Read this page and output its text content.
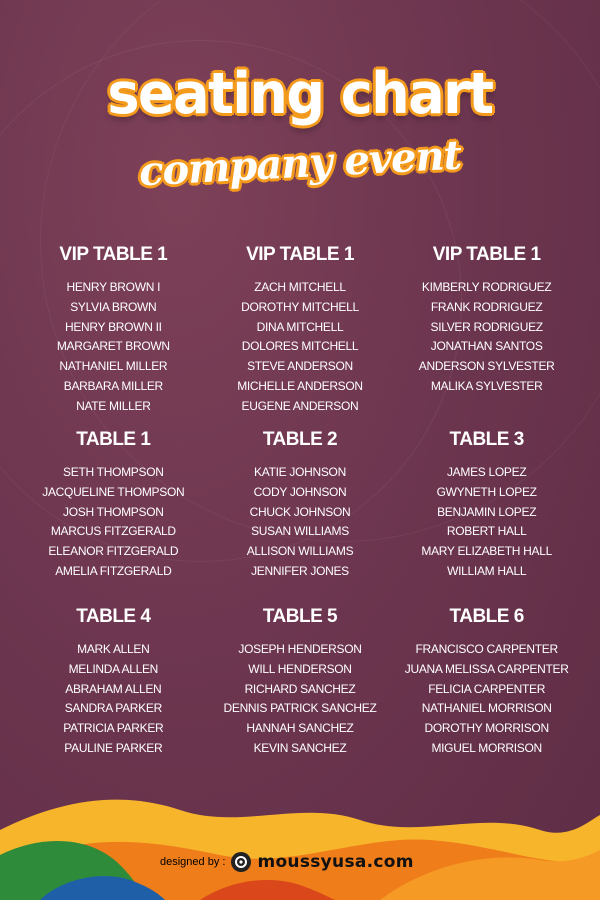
seating chart
company event
VIP TABLE 1
HENRY BROWN I
SYLVIA BROWN
HENRY BROWN II
MARGARET BROWN
NATHANIEL MILLER
BARBARA MILLER
NATE MILLER
VIP TABLE 1
ZACH MITCHELL
DOROTHY MITCHELL
DINA MITCHELL
DOLORES MITCHELL
STEVE ANDERSON
MICHELLE ANDERSON
EUGENE ANDERSON
VIP TABLE 1
KIMBERLY RODRIGUEZ
FRANK RODRIGUEZ
SILVER RODRIGUEZ
JONATHAN SANTOS
ANDERSON SYLVESTER
MALIKA SYLVESTER
TABLE 1
SETH THOMPSON
JACQUELINE THOMPSON
JOSH THOMPSON
MARCUS FITZGERALD
ELEANOR FITZGERALD
AMELIA FITZGERALD
TABLE 2
KATIE JOHNSON
CODY JOHNSON
CHUCK JOHNSON
SUSAN WILLIAMS
ALLISON WILLIAMS
JENNIFER JONES
TABLE 3
JAMES LOPEZ
GWYNETH LOPEZ
BENJAMIN LOPEZ
ROBERT HALL
MARY ELIZABETH HALL
WILLIAM HALL
TABLE 4
MARK ALLEN
MELINDA ALLEN
ABRAHAM ALLEN
SANDRA PARKER
PATRICIA PARKER
PAULINE PARKER
TABLE 5
JOSEPH HENDERSON
WILL HENDERSON
RICHARD SANCHEZ
DENNIS PATRICK SANCHEZ
HANNAH SANCHEZ
KEVIN SANCHEZ
TABLE 6
FRANCISCO CARPENTER
JUANA MELISSA CARPENTER
FELICIA CARPENTER
NATHANIEL MORRISON
DOROTHY MORRISON
MIGUEL MORRISON
designed by : moussyusa.com
